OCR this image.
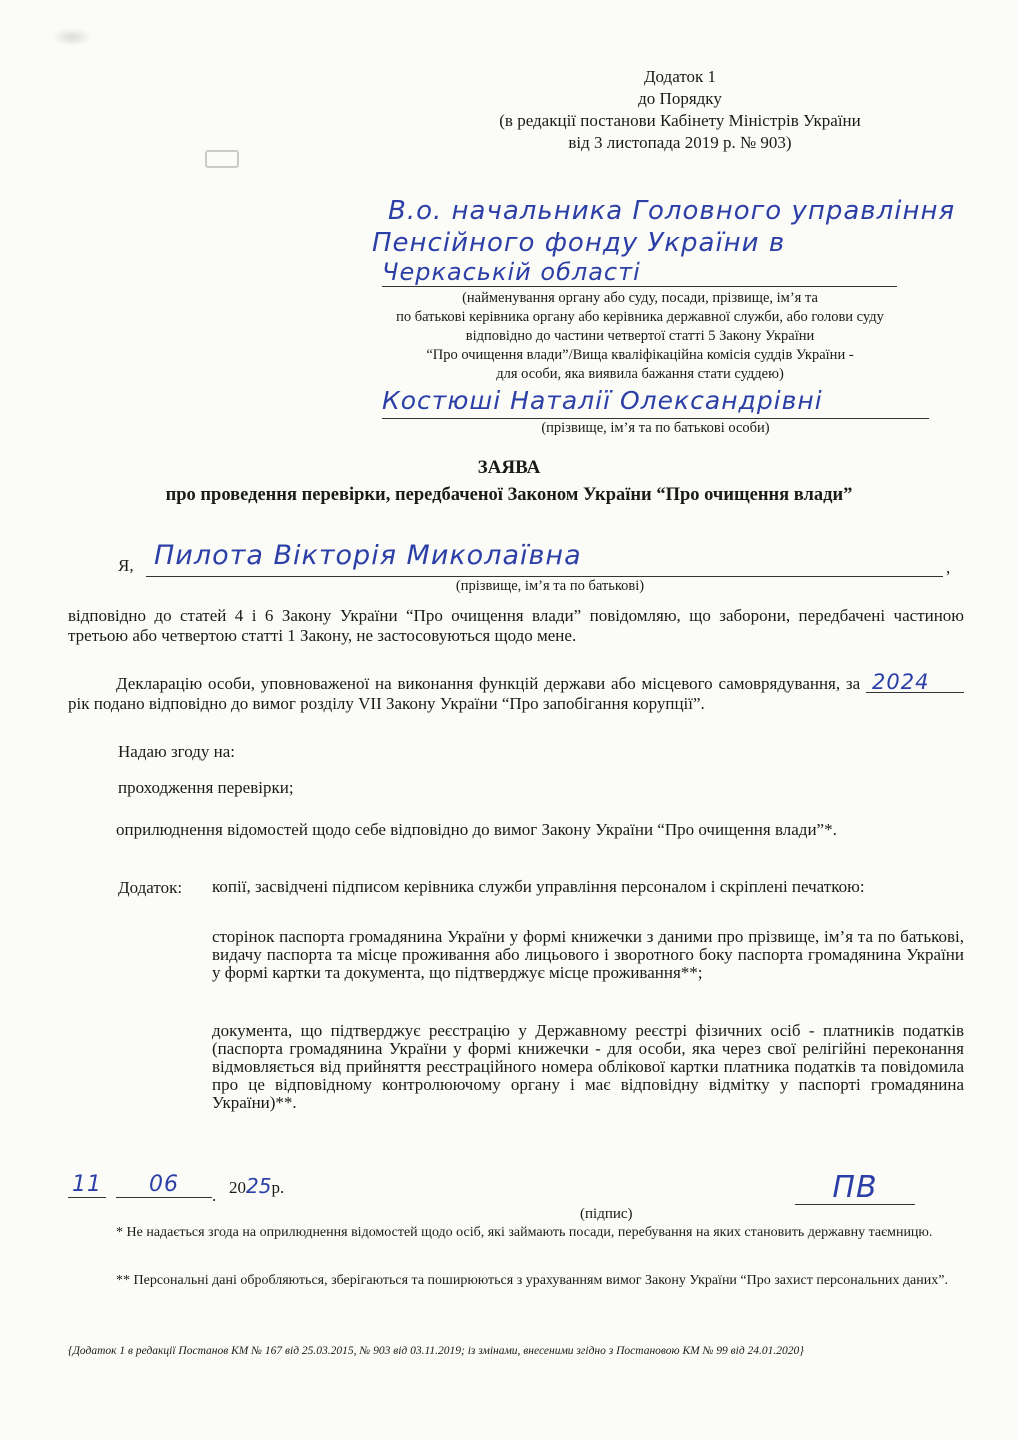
Додаток 1
до Порядку
(в редакції постанови Кабінету Міністрів України
від 3 листопада 2019 р. № 903)
В.о. начальника Головного управління
Пенсійного фонду України в
Черкаській області
(найменування органу або суду, посади, прізвище, ім’я та
по батькові керівника органу або керівника державної служби, або голови суду
відповідно до частини четвертої статті 5 Закону України
“Про очищення влади”/Вища кваліфікаційна комісія суддів України -
для особи, яка виявила бажання стати суддею)
Костюші Наталії Олександрівні
(прізвище, ім’я та по батькові особи)
ЗАЯВА
про проведення перевірки, передбаченої Законом України “Про очищення влади”
Я, Пилота Вікторія Миколаївна	,
(прізвище, ім’я та по батькові)
відповідно до статей 4 і 6 Закону України “Про очищення влади” повідомляю, що заборони, передбачені частиною третьою або четвертою статті 1 Закону, не застосовуються щодо мене.
Декларацію особи, уповноваженої на виконання функцій держави або місцевого самоврядування, за 2024 рік подано відповідно до вимог розділу VII Закону України “Про запобігання корупції”.
Надаю згоду на:
проходження перевірки;
оприлюднення відомостей щодо себе відповідно до вимог Закону України “Про очищення влади”*.
Додаток: копії, засвідчені підписом керівника служби управління персоналом і скріплені печаткою:
сторінок паспорта громадянина України у формі книжечки з даними про прізвище, ім’я та по батькові, видачу паспорта та місце проживання або лицьового і зворотного боку паспорта громадянина України у формі картки та документа, що підтверджує місце проживання**;
документа, що підтверджує реєстрацію у Державному реєстрі фізичних осіб - платників податків (паспорта громадянина України у формі книжечки - для особи, яка через свої релігійні переконання відмовляється від прийняття реєстраційного номера облікової картки платника податків та повідомила про це відповідному контролюючому органу і має відповідну відмітку у паспорті громадянина України)**.
11	06	. 2025р.	ПВ
(підпис)
* Не надається згода на оприлюднення відомостей щодо осіб, які займають посади, перебування на яких становить державну таємницю.
** Персональні дані обробляються, зберігаються та поширюються з урахуванням вимог Закону України “Про захист персональних даних”.
{Додаток 1 в редакції Постанов КМ № 167 від 25.03.2015, № 903 від 03.11.2019; із змінами, внесеними згідно з Постановою КМ № 99 від 24.01.2020}
